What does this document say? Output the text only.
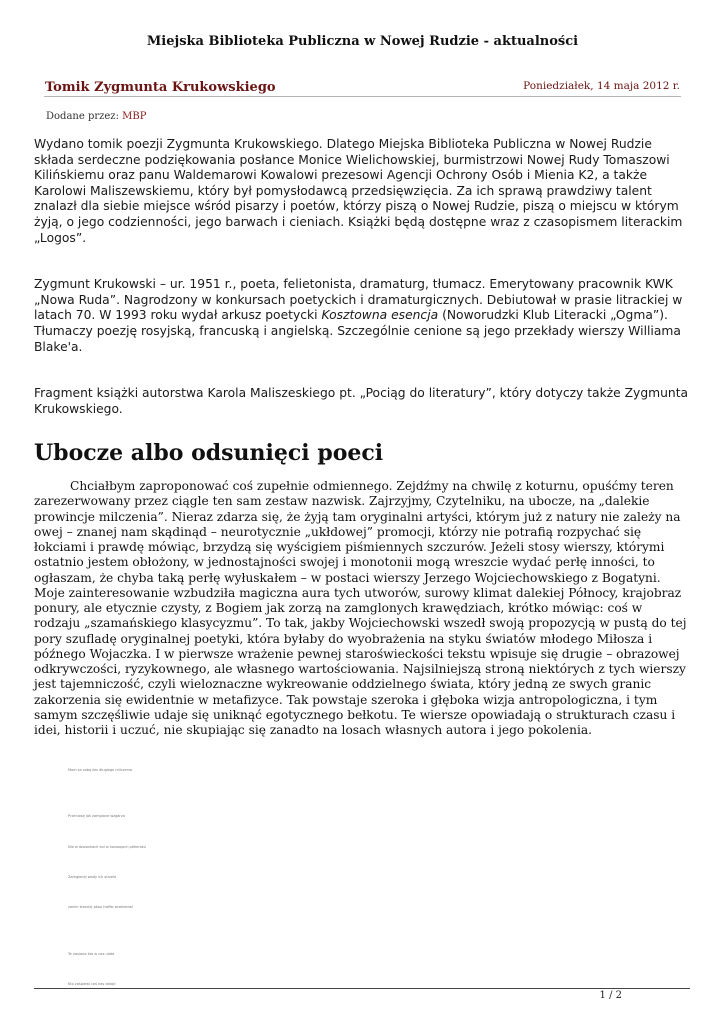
Miejska Biblioteka Publiczna w Nowej Rudzie - aktualności
Tomik Zygmunta Krukowskiego	Poniedziałek, 14 maja 2012 r.
Dodane przez: MBP

Wydano tomik poezji Zygmunta Krukowskiego. Dlatego Miejska Biblioteka Publiczna w Nowej Rudzie składa serdeczne podziękowania posłance Monice Wielichowskiej, burmistrzowi Nowej Rudy Tomaszowi Kilińskiemu oraz panu Waldemarowi Kowalowi prezesowi Agencji Ochrony Osób i Mienia K2, a także Karolowi Maliszewskiemu, który był pomysłodawcą przedsięwzięcia. Za ich sprawą prawdziwy talent znalazł dla siebie miejsce wśród pisarzy i poetów, którzy piszą o Nowej Rudzie, piszą o miejscu w którym żyją, o jego codzienności, jego barwach i cieniach. Książki będą dostępne wraz z czasopismem literackim „Logos”.

Zygmunt Krukowski – ur. 1951 r., poeta, felietonista, dramaturg, tłumacz. Emerytowany pracownik KWK „Nowa Ruda”. Nagrodzony w konkursach poetyckich i dramaturgicznych. Debiutował w prasie litrackiej w latach 70. W 1993 roku wydał arkusz poetycki Kosztowna esencja (Noworudzki Klub Literacki „Ogma”). Tłumaczy poezję rosyjską, francuską i angielską. Szczególnie cenione są jego przekłady wierszy Williama Blake'a.

Fragment książki autorstwa Karola Maliszeskiego pt. „Pociąg do literatury”, który dotyczy także Zygmunta Krukowskiego.

Ubocze albo odsunięci poeci
Chciałbym zaproponować coś zupełnie odmiennego. Zejdźmy na chwilę z koturnu, opuśćmy teren zarezerwowany przez ciągle ten sam zestaw nazwisk. Zajrzyjmy, Czytelniku, na ubocze, na „dalekie prowincje milczenia”. Nieraz zdarza się, że żyją tam oryginalni artyści, którym już z natury nie zależy na owej – znanej nam skądinąd – neurotycznie „ukłdowej” promocji, którzy nie potrafią rozpychać się łokciami i prawdę mówiąc, brzydzą się wyścigiem piśmiennych szczurów. Jeżeli stosy wierszy, którymi ostatnio jestem obłożony, w jednostajności swojej i monotonii mogą wreszcie wydać perłę inności, to ogłaszam, że chyba taką perłę wyłuskałem – w postaci wierszy Jerzego Wojciechowskiego z Bogatyni. Moje zainteresowanie wzbudziła magiczna aura tych utworów, surowy klimat dalekiej Północy, krajobraz ponury, ale etycznie czysty, z Bogiem jak zorzą na zamglonych krawędziach, krótko mówiąc: coś w rodzaju „szamańskiego klasycyzmu”. To tak, jakby Wojciechowski wszedł swoją propozycją w pustą do tej pory szufladę oryginalnej poetyki, która byłaby do wyobrażenia na styku światów młodego Miłosza i późnego Wojaczka. I w pierwsze wrażenie pewnej staroświeckości tekstu wpisuje się drugie – obrazowej odkrywczości, ryzykownego, ale własnego wartościowania. Najsilniejszą stroną niektórych z tych wierszy jest tajemniczość, czyli wieloznaczne wykreowanie oddzielnego świata, który jedną ze swych granic zakorzenia się ewidentnie w metafizyce. Tak powstaje szeroka i głęboka wizja antropologiczna, i tym samym szczęśliwie udaje się uniknąć egotycznego bełkotu. Te wiersze opowiadają o strukturach czasu i idei, historii i uczuć, nie skupiając się zanadto na losach własnych autora i jego pokolenia.
Mam za sobą dar długiego milczenia
Przeniosę jak zamglone wzgórza
Nie w dzwonkach ani w konwojach półmroku
Zamglonej wody ich strzela
zanim trzeciej ptasi trafiło przebierać
Te nasiona kto w nas ulata
Kto zaśpiewi coś nas dotąd
1 / 2
